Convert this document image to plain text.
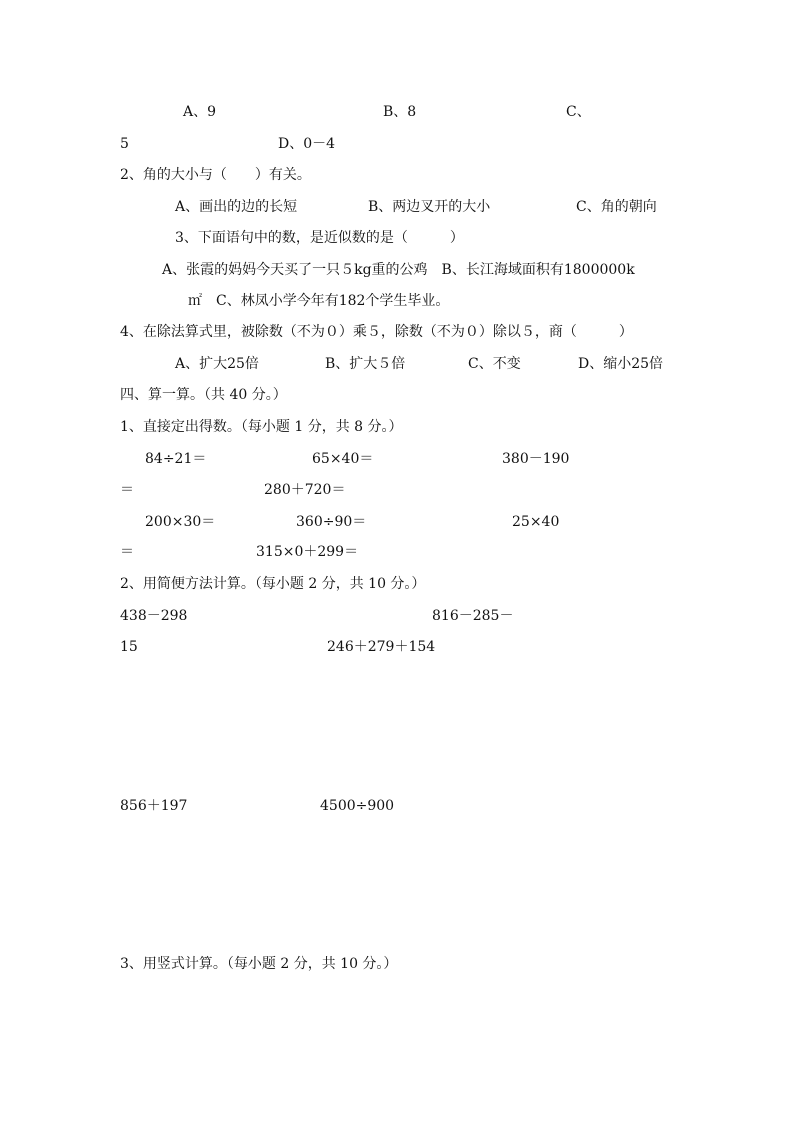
A、9	B、8	C、
5	D、0－4
2、角的大小与（　　）有关。
A、画出的边的长短	B、两边叉开的大小	C、角的朝向
3、下面语句中的数，是近似数的是（　　　）
A、张霞的妈妈今天买了一只５kg重的公鸡　B、长江海域面积有1800000k
㎡　C、林凤小学今年有182个学生毕业。
4、在除法算式里，被除数（不为０）乘５，除数（不为０）除以５，商（　　　）
A、扩大25倍	B、扩大５倍	C、不变	D、缩小25倍
四、算一算。（共 40 分。）
1、直接定出得数。（每小题 1 分，共 8 分。）
84÷21＝	65×40＝	380－190
＝	280＋720＝
200×30＝	360÷90＝	25×40
＝	315×0＋299＝
2、用简便方法计算。（每小题 2 分，共 10 分。）
438－298	816－285－
15	246＋279＋154
856＋197	4500÷900
3、用竖式计算。（每小题 2 分，共 10 分。）
